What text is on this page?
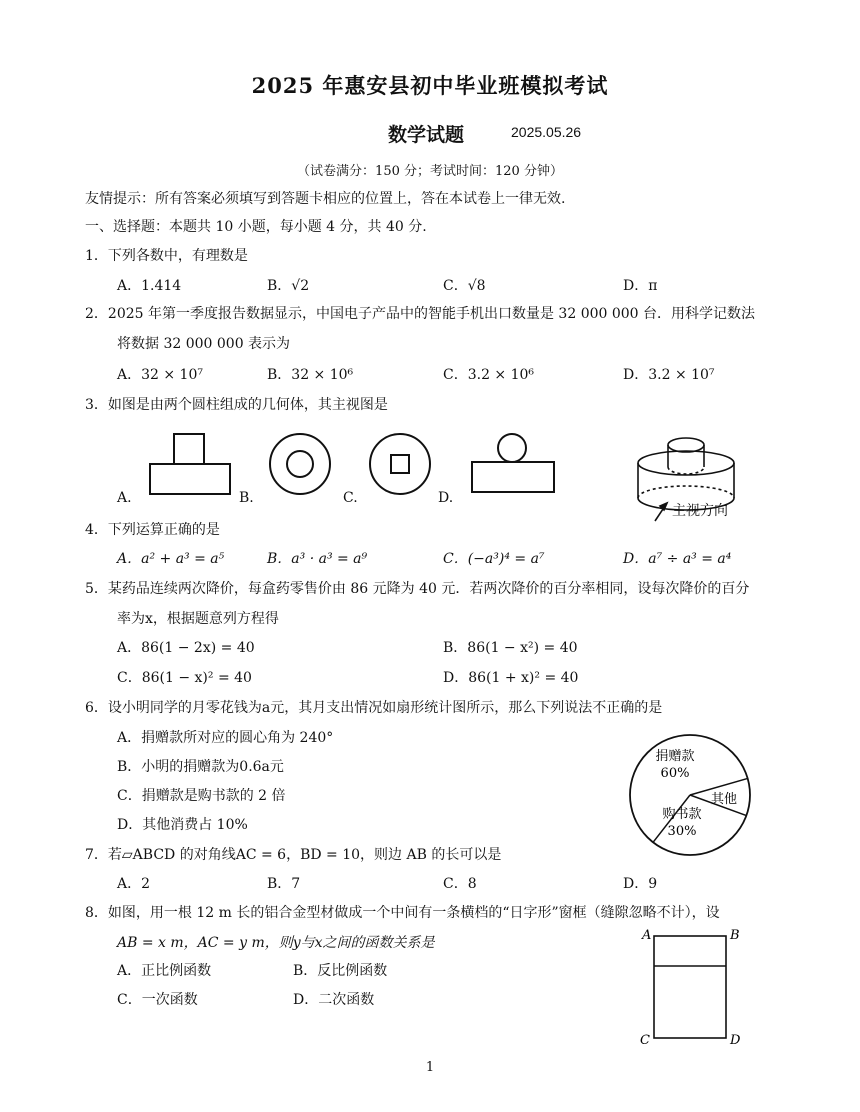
2025 年惠安县初中毕业班模拟考试
数学试题	2025.05.26
（试卷满分：150 分；考试时间：120 分钟）
友情提示：所有答案必须填写到答题卡相应的位置上，答在本试卷上一律无效.
一、选择题：本题共 10 小题，每小题 4 分，共 40 分.
1．下列各数中，有理数是
A．1.414	B．√2	C．√8	D．π
2．2025 年第一季度报告数据显示，中国电子产品中的智能手机出口数量是 32 000 000 台．用科学记数法
将数据 32 000 000 表示为
A．32 × 10⁷	B．32 × 10⁶	C．3.2 × 10⁶	D．3.2 × 10⁷
3．如图是由两个圆柱组成的几何体，其主视图是
A.	B.	C.	D.
主视方向
4．下列运算正确的是
A．a² + a³ = a⁵	B．a³ · a³ = a⁹	C．(−a³)⁴ = a⁷	D．a⁷ ÷ a³ = a⁴
5．某药品连续两次降价，每盒药零售价由 86 元降为 40 元．若两次降价的百分率相同，设每次降价的百分
率为x，根据题意列方程得
A．86(1 − 2x) = 40	B．86(1 − x²) = 40
C．86(1 − x)² = 40	D．86(1 + x)² = 40
6．设小明同学的月零花钱为a元，其月支出情况如扇形统计图所示，那么下列说法不正确的是
A．捐赠款所对应的圆心角为 240°
B．小明的捐赠款为0.6a元
C．捐赠款是购书款的 2 倍
D．其他消费占 10%
捐赠款
60%
其他
购书款
30%
7．若▱ABCD 的对角线AC = 6，BD = 10，则边 AB 的长可以是
A．2	B．7	C．8	D．9
8．如图，用一根 12 m 长的铝合金型材做成一个中间有一条横档的“日字形”窗框（缝隙忽略不计），设
AB = x m，AC = y m，则y与x之间的函数关系是
A．正比例函数	B．反比例函数
C．一次函数	D．二次函数
A	B
C	D
1
